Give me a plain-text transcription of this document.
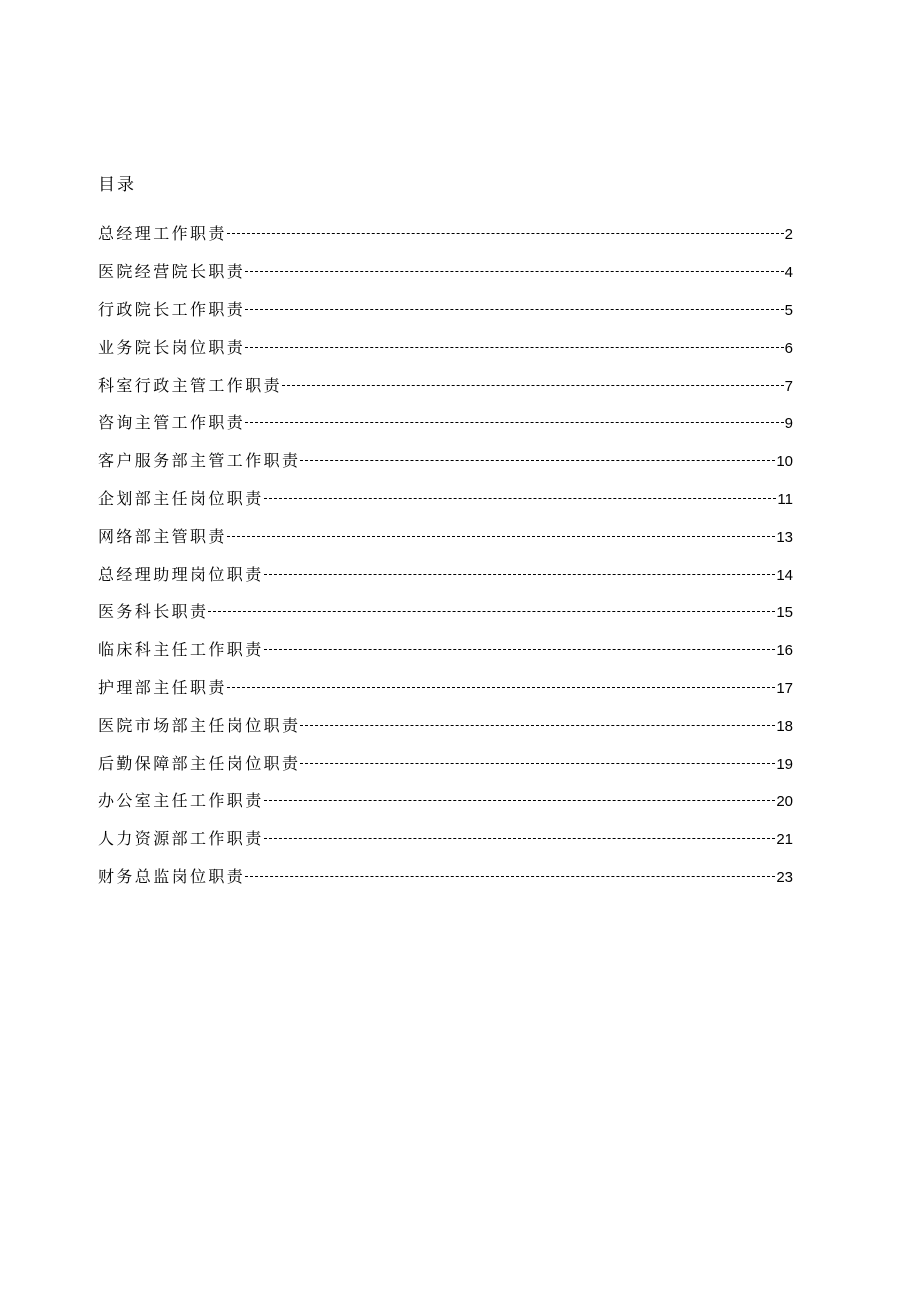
目录
总经理工作职责	2
医院经营院长职责	4
行政院长工作职责	5
业务院长岗位职责	6
科室行政主管工作职责	7
咨询主管工作职责	9
客户服务部主管工作职责	10
企划部主任岗位职责	11
网络部主管职责	13
总经理助理岗位职责	14
医务科长职责	15
临床科主任工作职责	16
护理部主任职责	17
医院市场部主任岗位职责	18
后勤保障部主任岗位职责	19
办公室主任工作职责	20
人力资源部工作职责	21
财务总监岗位职责	23
